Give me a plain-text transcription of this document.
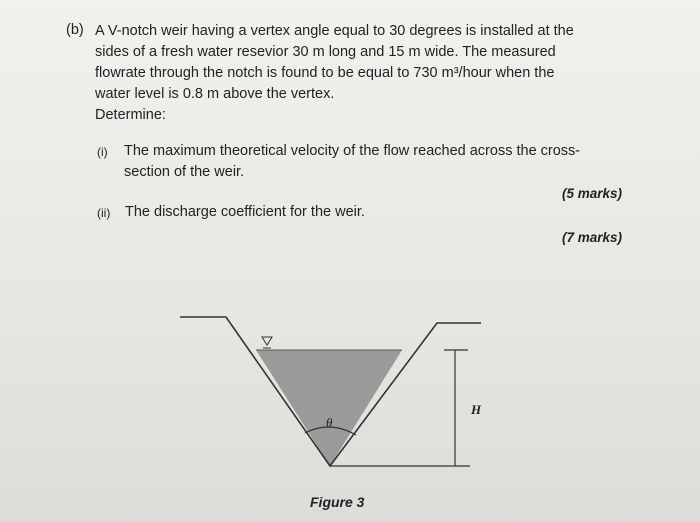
(b) A V-notch weir having a vertex angle equal to 30 degrees is installed at the
sides of a fresh water resevior 30 m long and 15 m wide. The measured
flowrate through the notch is found to be equal to 730 m³/hour when the
water level is 0.8 m above the vertex.
Determine:
(i) The maximum theoretical velocity of the flow reached across the cross-
section of the weir.
(5 marks)
(ii) The discharge coefficient for the weir.
(7 marks)
θ
H
Figure 3
